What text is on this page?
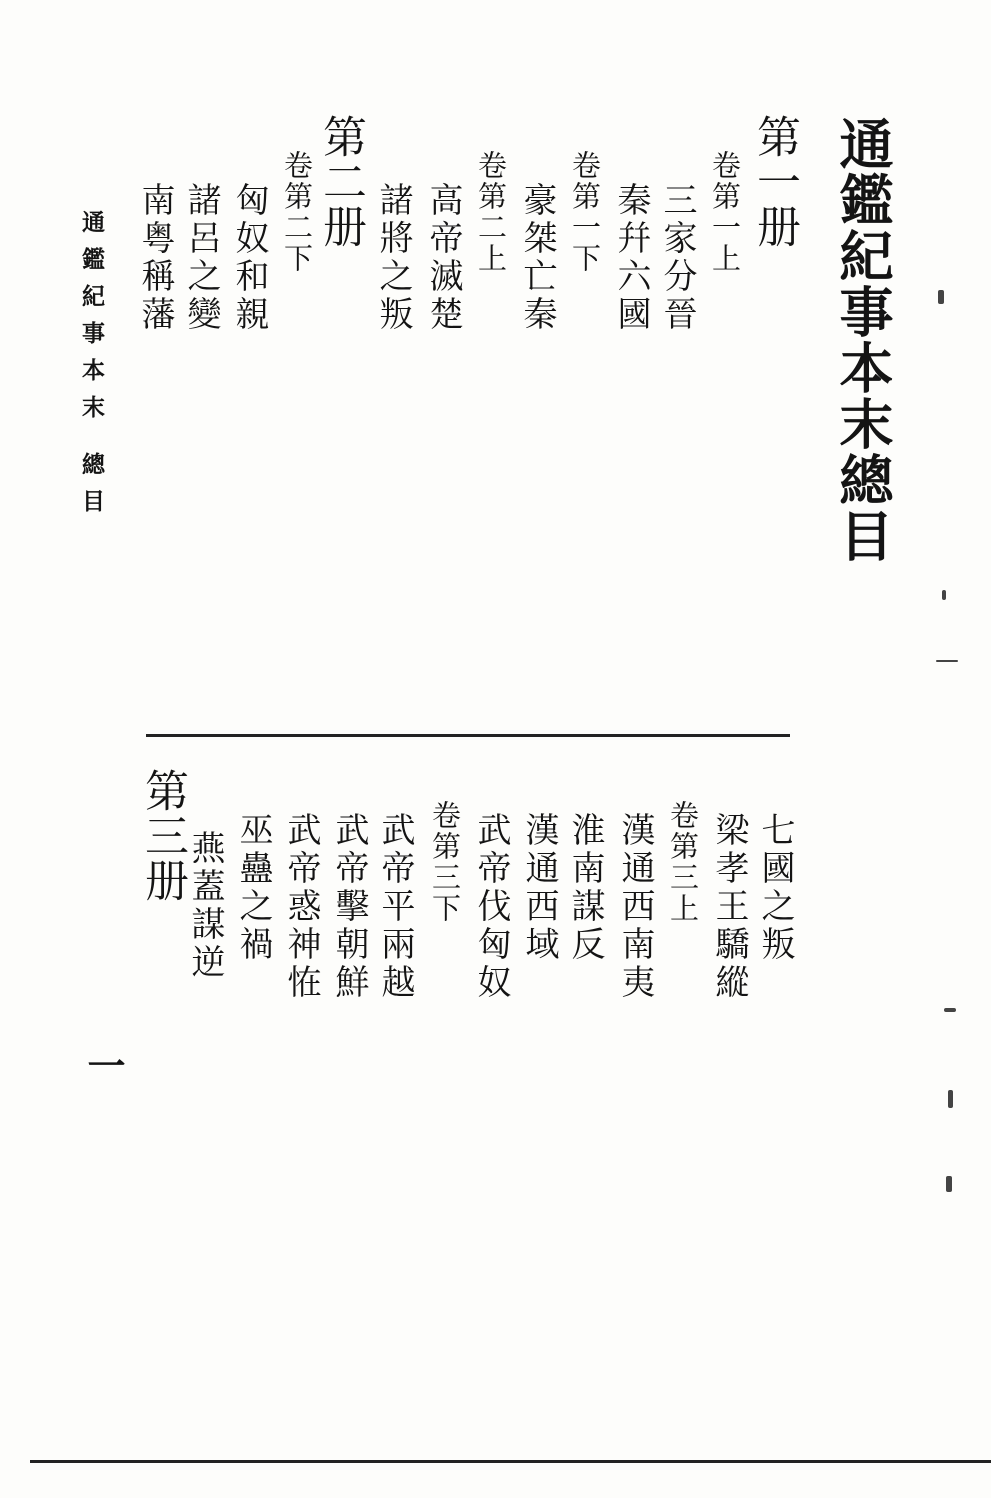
通鑑紀事本末總目
第一册
卷第一上
三家分晉
秦幷六國
卷第一下
豪桀亡秦
卷第二上
高帝滅楚
諸將之叛
第二册
卷第二下
匈奴和親
諸呂之變
南粤稱藩
通鑑紀事本末
總目
七國之叛
梁孝王驕縱
卷第三上
漢通西南夷
淮南謀反
漢通西域
武帝伐匈奴
卷第三下
武帝平兩越
武帝擊朝鮮
武帝惑神恠
巫蠱之禍
燕蓋謀逆
第三册
一
